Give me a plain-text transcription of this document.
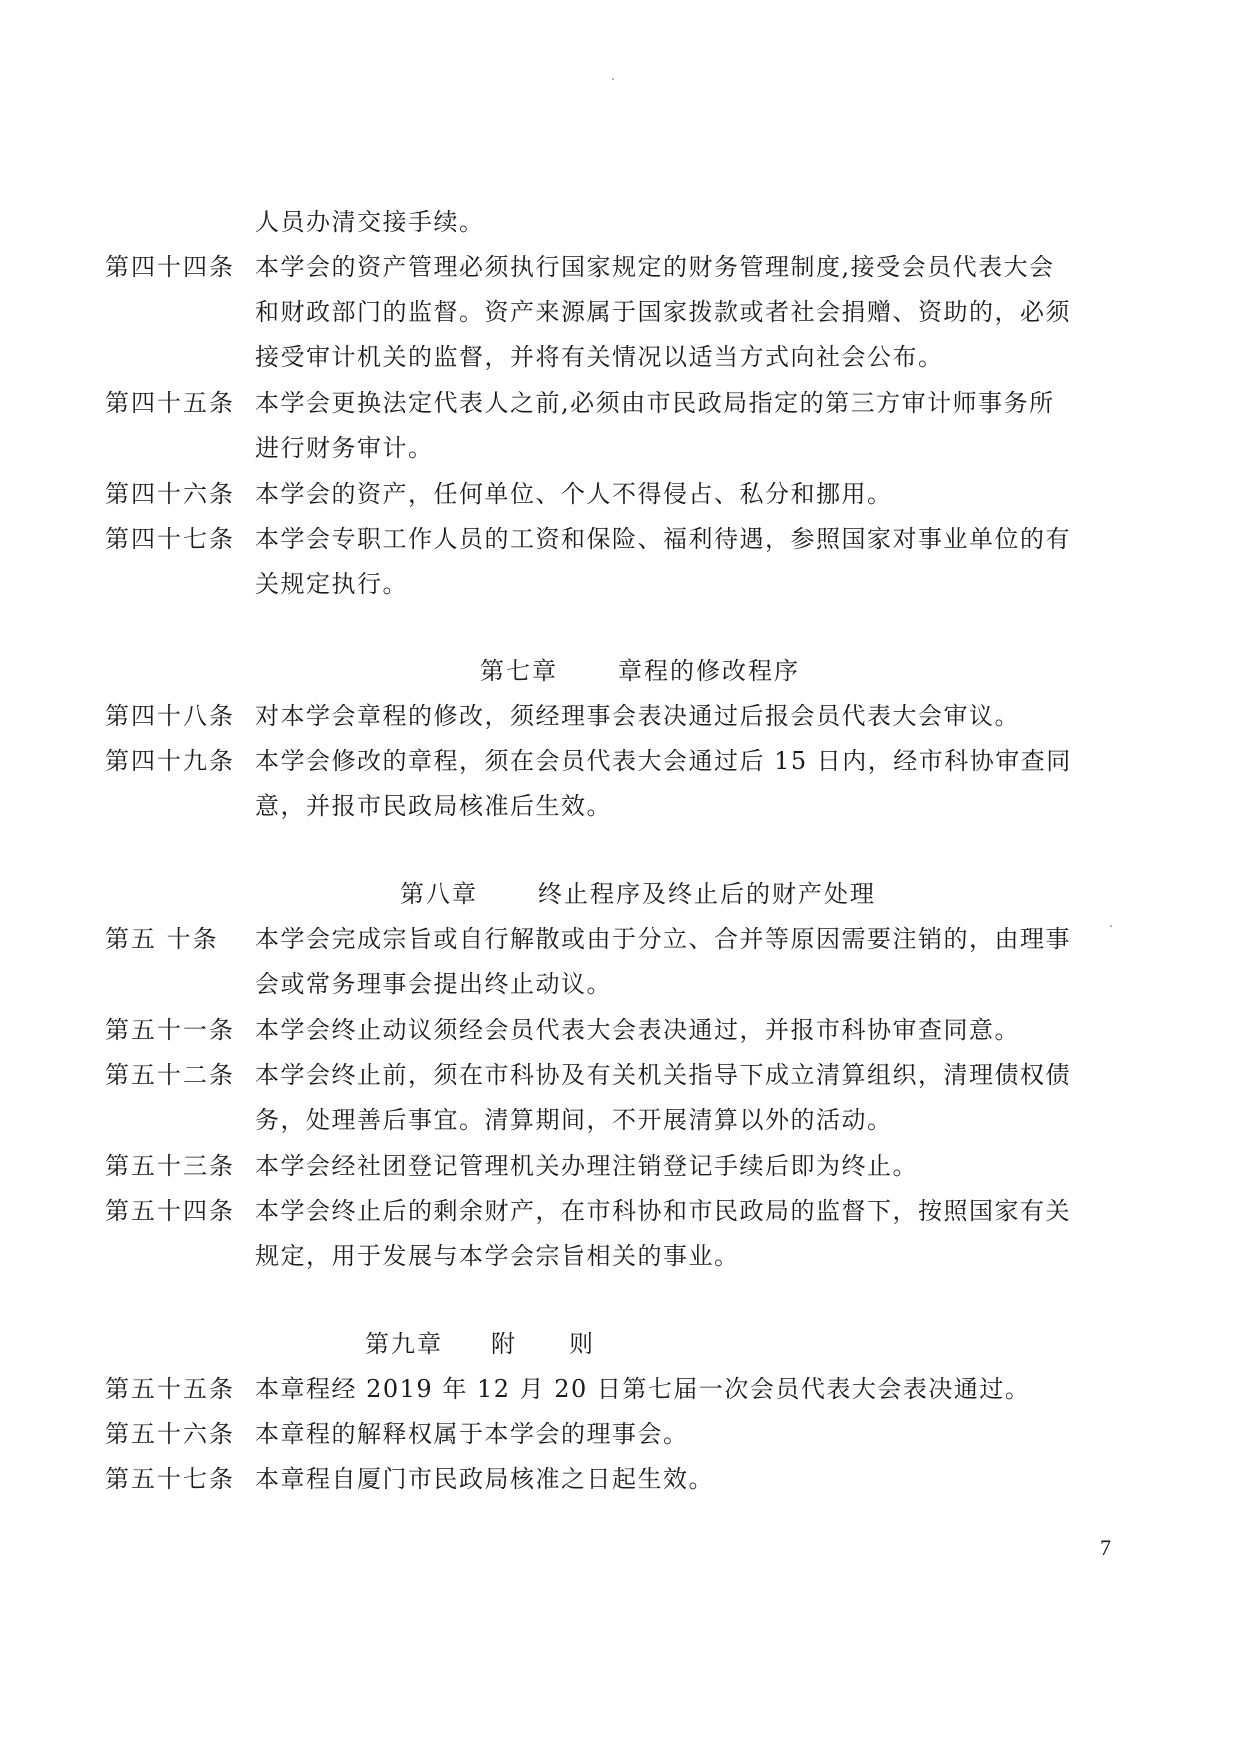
人员办清交接手续。
第四十四条 本学会的资产管理必须执行国家规定的财务管理制度,接受会员代表大会
和财政部门的监督。资产来源属于国家拨款或者社会捐赠、资助的，必须
接受审计机关的监督，并将有关情况以适当方式向社会公布。
第四十五条 本学会更换法定代表人之前,必须由市民政局指定的第三方审计师事务所
进行财务审计。
第四十六条 本学会的资产，任何单位、个人不得侵占、私分和挪用。
第四十七条 本学会专职工作人员的工资和保险、福利待遇，参照国家对事业单位的有
关规定执行。
第七章	章程的修改程序
第四十八条 对本学会章程的修改，须经理事会表决通过后报会员代表大会审议。
第四十九条 本学会修改的章程，须在会员代表大会通过后 15 日内，经市科协审查同
意，并报市民政局核准后生效。
第八章	终止程序及终止后的财产处理
第五 十条	本学会完成宗旨或自行解散或由于分立、合并等原因需要注销的，由理事
会或常务理事会提出终止动议。
第五十一条 本学会终止动议须经会员代表大会表决通过，并报市科协审查同意。
第五十二条 本学会终止前，须在市科协及有关机关指导下成立清算组织，清理债权债
务，处理善后事宜。清算期间，不开展清算以外的活动。
第五十三条 本学会经社团登记管理机关办理注销登记手续后即为终止。
第五十四条 本学会终止后的剩余财产，在市科协和市民政局的监督下，按照国家有关
规定，用于发展与本学会宗旨相关的事业。
第九章 附 则
第五十五条 本章程经 2019 年 12 月 20 日第七届一次会员代表大会表决通过。
第五十六条 本章程的解释权属于本学会的理事会。
第五十七条 本章程自厦门市民政局核准之日起生效。
7
